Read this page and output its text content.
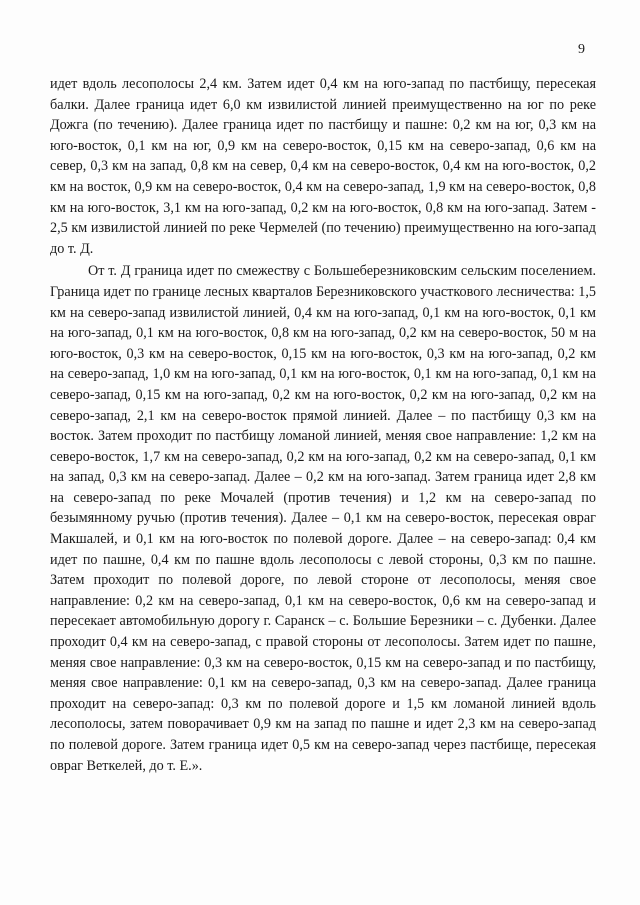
9

идет вдоль лесополосы 2,4 км. Затем идет 0,4 км на юго-запад по пастбищу, пересекая балки. Далее граница идет 6,0 км извилистой линией преимущественно на юг по реке Дожга (по течению). Далее граница идет по пастбищу и пашне: 0,2 км на юг, 0,3 км на юго-восток, 0,1 км на юг, 0,9 км на северо-восток, 0,15 км на северо-запад, 0,6 км на север, 0,3 км на запад, 0,8 км на север, 0,4 км на северо-восток, 0,4 км на юго-восток, 0,2 км на восток, 0,9 км на северо-восток, 0,4 км на северо-запад, 1,9 км на северо-восток, 0,8 км на юго-восток, 3,1 км на юго-запад, 0,2 км на юго-восток, 0,8 км на юго-запад. Затем - 2,5 км извилистой линией по реке Чермелей (по течению) преимущественно на юго-запад до т. Д.

От т. Д граница идет по смежеству с Большеберезниковским сельским поселением. Граница идет по границе лесных кварталов Березниковского участкового лесничества: 1,5 км на северо-запад извилистой линией, 0,4 км на юго-запад, 0,1 км на юго-восток, 0,1 км на юго-запад, 0,1 км на юго-восток, 0,8 км на юго-запад, 0,2 км на северо-восток, 50 м на юго-восток, 0,3 км на северо-восток, 0,15 км на юго-восток, 0,3 км на юго-запад, 0,2 км на северо-запад, 1,0 км на юго-запад, 0,1 км на юго-восток, 0,1 км на юго-запад, 0,1 км на северо-запад, 0,15 км на юго-запад, 0,2 км на юго-восток, 0,2 км на юго-запад, 0,2 км на северо-запад, 2,1 км на северо-восток прямой линией. Далее – по пастбищу 0,3 км на восток. Затем проходит по пастбищу ломаной линией, меняя свое направление: 1,2 км на северо-восток, 1,7 км на северо-запад, 0,2 км на юго-запад, 0,2 км на северо-запад, 0,1 км на запад, 0,3 км на северо-запад. Далее – 0,2 км на юго-запад. Затем граница идет 2,8 км на северо-запад по реке Мочалей (против течения) и 1,2 км на северо-запад по безымянному ручью (против течения). Далее – 0,1 км на северо-восток, пересекая овраг Макшалей, и 0,1 км на юго-восток по полевой дороге. Далее – на северо-запад: 0,4 км идет по пашне, 0,4 км по пашне вдоль лесополосы с левой стороны, 0,3 км по пашне. Затем проходит по полевой дороге, по левой стороне от лесополосы, меняя свое направление: 0,2 км на северо-запад, 0,1 км на северо-восток, 0,6 км на северо-запад и пересекает автомобильную дорогу г. Саранск – с. Большие Березники – с. Дубенки. Далее проходит 0,4 км на северо-запад, с правой стороны от лесополосы. Затем идет по пашне, меняя свое направление: 0,3 км на северо-восток, 0,15 км на северо-запад и по пастбищу, меняя свое направление: 0,1 км на северо-запад, 0,3 км на северо-запад. Далее граница проходит на северо-запад: 0,3 км по полевой дороге и 1,5 км ломаной линией вдоль лесополосы, затем поворачивает 0,9 км на запад по пашне и идет 2,3 км на северо-запад по полевой дороге. Затем граница идет 0,5 км на северо-запад через пастбище, пересекая овраг Веткелей, до т. Е.».
